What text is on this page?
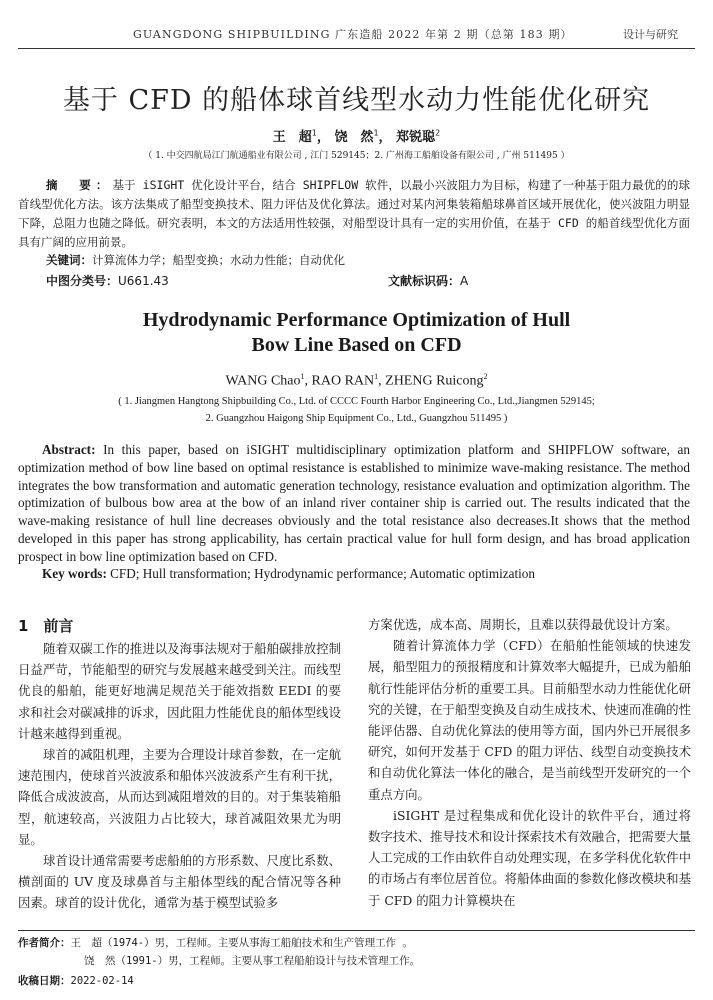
GUANGDONG SHIPBUILDING 广东造船 2022 年第 2 期（总第 183 期）	设计与研究
基于 CFD 的船体球首线型水动力性能优化研究
王　超$^1$， 饶　然$^1$， 郑锐聪$^2$
（ 1. 中交四航局江门航通船业有限公司 , 江门 529145；2. 广州海工船舶设备有限公司 , 广州 511495 ）
摘　要：基于 iSIGHT 优化设计平台，结合 SHIPFLOW 软件，以最小兴波阻力为目标，构建了一种基于阻力最优的的球首线型优化方法。该方法集成了船型变换技术、阻力评估及优化算法。通过对某内河集装箱船球鼻首区域开展优化，使兴波阻力明显下降，总阻力也随之降低。研究表明，本文的方法适用性较强，对船型设计具有一定的实用价值，在基于 CFD 的船首线型优化方面具有广阔的应用前景。
关键词：计算流体力学；船型变换；水动力性能；自动优化
中图分类号：U661.43	文献标识码：A
Hydrodynamic Performance Optimization of Hull
Bow Line Based on CFD
WANG Chao$^1$, RAO RAN$^1$, ZHENG Ruicong$^2$
( 1. Jiangmen Hangtong Shipbuilding Co., Ltd. of CCCC Fourth Harbor Engineering Co., Ltd.,Jiangmen 529145;
2. Guangzhou Haigong Ship Equipment Co., Ltd., Guangzhou 511495 )
Abstract: In this paper, based on iSIGHT multidisciplinary optimization platform and SHIPFLOW software, an optimization method of bow line based on optimal resistance is established to minimize wave-making resistance. The method integrates the bow transformation and automatic generation technology, resistance evaluation and optimization algorithm. The optimization of bulbous bow area at the bow of an inland river container ship is carried out. The results indicated that the wave-making resistance of hull line decreases obviously and the total resistance also decreases.It shows that the method developed in this paper has strong applicability, has certain practical value for hull form design, and has broad application prospect in bow line optimization based on CFD.
Key words: CFD; Hull transformation; Hydrodynamic performance; Automatic optimization
1　前言

随着双碳工作的推进以及海事法规对于船舶碳排放控制日益严苛，节能船型的研究与发展越来越受到关注。而线型优良的船舶，能更好地满足规范关于能效指数 EEDI 的要求和社会对碳减排的诉求，因此阻力性能优良的船体型线设计越来越得到重视。

球首的减阻机理，主要为合理设计球首参数，在一定航速范围内，使球首兴波波系和船体兴波波系产生有利干扰，降低合成波波高，从而达到减阻增效的目的。对于集装箱船型，航速较高，兴波阻力占比较大，球首减阻效果尤为明显。

球首设计通常需要考虑船舶的方形系数、尺度比系数、横剖面的 UV 度及球鼻首与主船体型线的配合情况等各种因素。球首的设计优化，通常为基于模型试验多

方案优选，成本高、周期长，且难以获得最优设计方案。

随着计算流体力学（CFD）在船舶性能领域的快速发展，船型阻力的预报精度和计算效率大幅提升，已成为船舶航行性能评估分析的重要工具。目前船型水动力性能优化研究的关键，在于船型变换及自动生成技术、快速而准确的性能评估器、自动优化算法的使用等方面，国内外已开展很多研究，如何开发基于 CFD 的阻力评估、线型自动变换技术和自动优化算法一体化的融合，是当前线型开发研究的一个重点方向。

iSIGHT 是过程集成和优化设计的软件平台，通过将数字技术、推导技术和设计探索技术有效融合，把需要大量人工完成的工作由软件自动处理实现，在多学科优化软件中的市场占有率位居首位。将船体曲面的参数化修改模块和基于 CFD 的阻力计算模块在

作者简介：王　超（1974-）男，工程师。主要从事海工船舶技术和生产管理工作 。
饶　然（1991-）男，工程师。主要从事工程船舶设计与技术管理工作。
收稿日期：2022-02-14
